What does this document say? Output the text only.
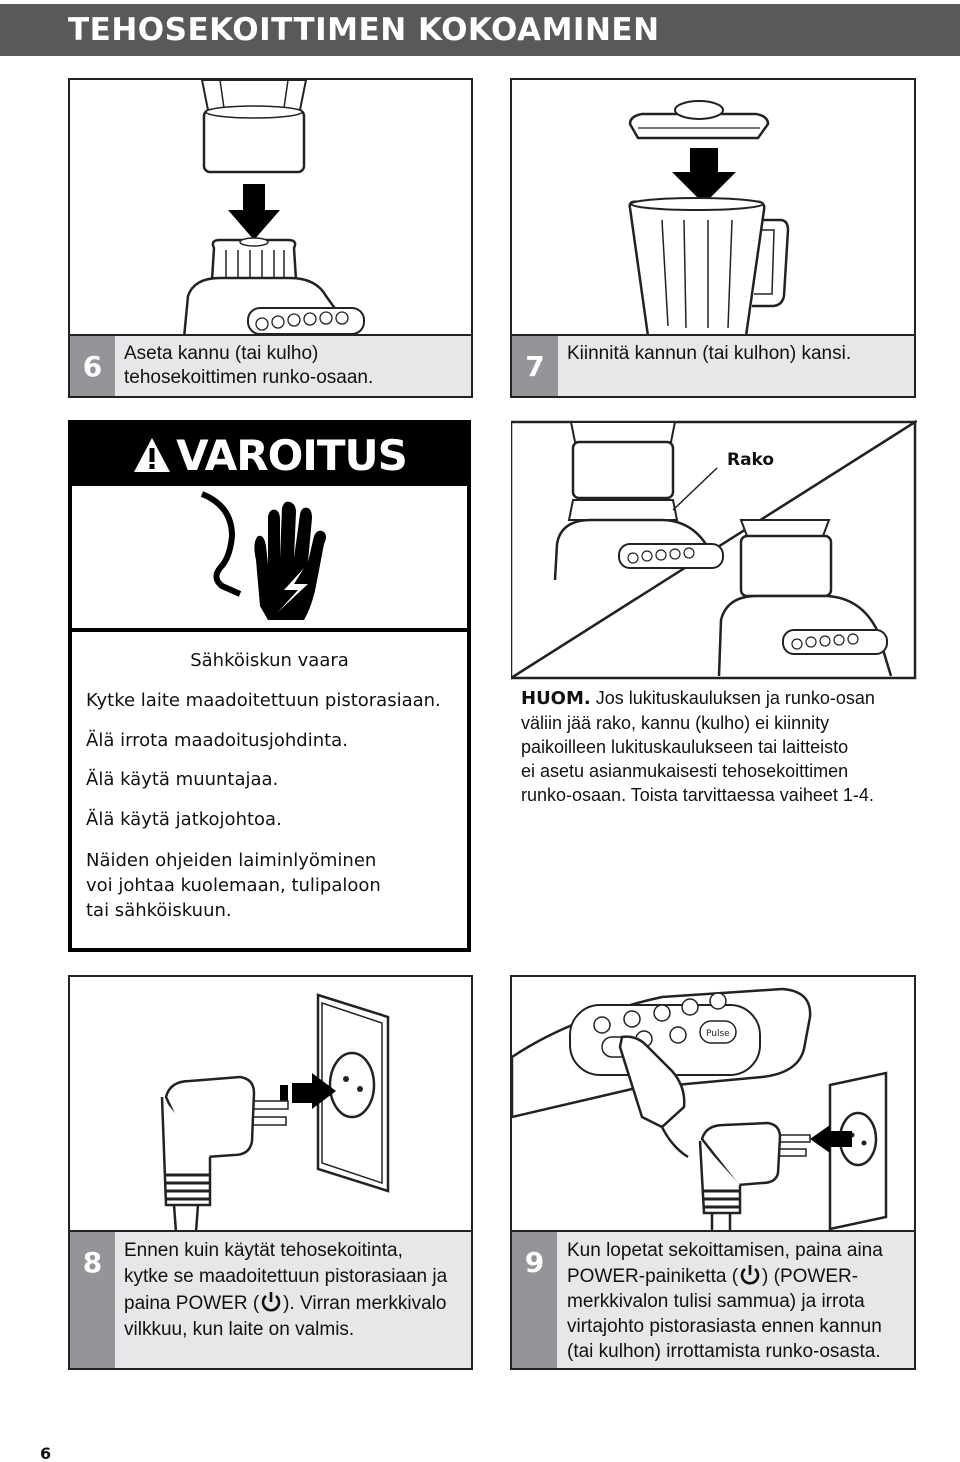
TEHOSEKOITTIMEN KOKOAMINEN
6	Aseta kannu (tai kulho)
tehosekoittimen runko-osaan.	7	Kiinnitä kannun (tai kulhon) kansi.
VAROITUS
Sähköiskun vaara
Kytke laite maadoitettuun pistorasiaan.
Älä irrota maadoitusjohdinta.
Älä käytä muuntajaa.
Älä käytä jatkojohtoa.
Näiden ohjeiden laiminlyöminen
voi johtaa kuolemaan, tulipaloon
tai sähköiskuun.
Rako
HUOM. Jos lukituskauluksen ja runko-osan
väliin jää rako, kannu (kulho) ei kiinnity
paikoilleen lukituskaulukseen tai laitteisto
ei asetu asianmukaisesti tehosekoittimen
runko-osaan. Toista tarvittaessa vaiheet 1-4.
8	Ennen kuin käytät tehosekoitinta,
kytke se maadoitettuun pistorasiaan ja
paina POWER ( ). Virran merkkivalo
vilkkuu, kun laite on valmis.
Pulse
9	Kun lopetat sekoittamisen, paina aina
POWER-painiketta ( ) (POWER-
merkkivalon tulisi sammua) ja irrota
virtajohto pistorasiasta ennen kannun
(tai kulhon) irrottamista runko-osasta.
6
